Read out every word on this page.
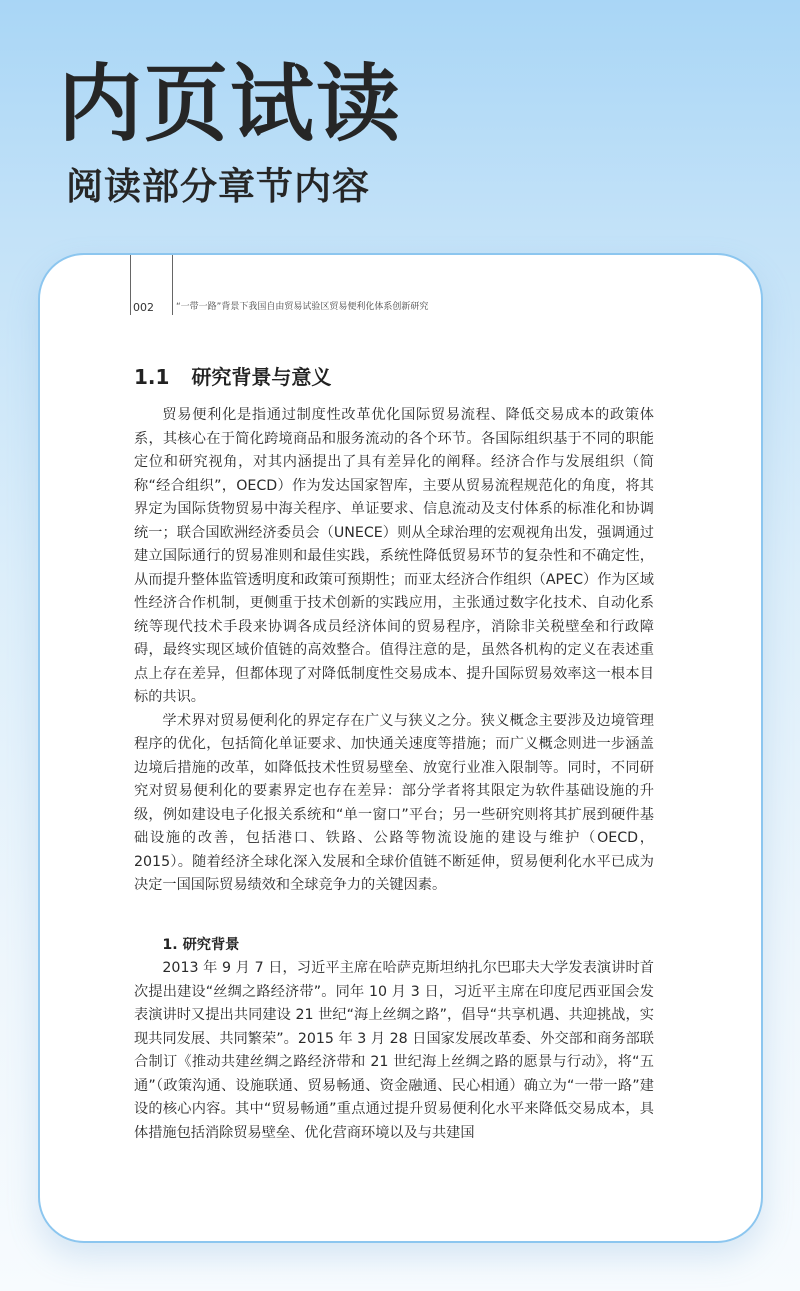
内页试读
阅读部分章节内容
002 “一带一路”背景下我国自由贸易试验区贸易便利化体系创新研究
1.1 研究背景与意义

贸易便利化是指通过制度性改革优化国际贸易流程、降低交易成本的政策体系，其核心在于简化跨境商品和服务流动的各个环节。各国际组织基于不同的职能定位和研究视角，对其内涵提出了具有差异化的阐释。经济合作与发展组织（简称“经合组织”，OECD）作为发达国家智库，主要从贸易流程规范化的角度，将其界定为国际货物贸易中海关程序、单证要求、信息流动及支付体系的标准化和协调统一；联合国欧洲经济委员会（UNECE）则从全球治理的宏观视角出发，强调通过建立国际通行的贸易准则和最佳实践，系统性降低贸易环节的复杂性和不确定性，从而提升整体监管透明度和政策可预期性；而亚太经济合作组织（APEC）作为区域性经济合作机制，更侧重于技术创新的实践应用，主张通过数字化技术、自动化系统等现代技术手段来协调各成员经济体间的贸易程序，消除非关税壁垒和行政障碍，最终实现区域价值链的高效整合。值得注意的是，虽然各机构的定义在表述重点上存在差异，但都体现了对降低制度性交易成本、提升国际贸易效率这一根本目标的共识。

学术界对贸易便利化的界定存在广义与狭义之分。狭义概念主要涉及边境管理程序的优化，包括简化单证要求、加快通关速度等措施；而广义概念则进一步涵盖边境后措施的改革，如降低技术性贸易壁垒、放宽行业准入限制等。同时，不同研究对贸易便利化的要素界定也存在差异：部分学者将其限定为软件基础设施的升级，例如建设电子化报关系统和“单一窗口”平台；另一些研究则将其扩展到硬件基础设施的改善，包括港口、铁路、公路等物流设施的建设与维护（OECD，2015）。随着经济全球化深入发展和全球价值链不断延伸，贸易便利化水平已成为决定一国国际贸易绩效和全球竞争力的关键因素。

1. 研究背景

2013 年 9 月 7 日，习近平主席在哈萨克斯坦纳扎尔巴耶夫大学发表演讲时首次提出建设“丝绸之路经济带”。同年 10 月 3 日，习近平主席在印度尼西亚国会发表演讲时又提出共同建设 21 世纪“海上丝绸之路”，倡导“共享机遇、共迎挑战，实现共同发展、共同繁荣”。2015 年 3 月 28 日国家发展改革委、外交部和商务部联合制订《推动共建丝绸之路经济带和 21 世纪海上丝绸之路的愿景与行动》，将“五通”（政策沟通、设施联通、贸易畅通、资金融通、民心相通）确立为“一带一路”建设的核心内容。其中“贸易畅通”重点通过提升贸易便利化水平来降低交易成本，具体措施包括消除贸易壁垒、优化营商环境以及与共建国
